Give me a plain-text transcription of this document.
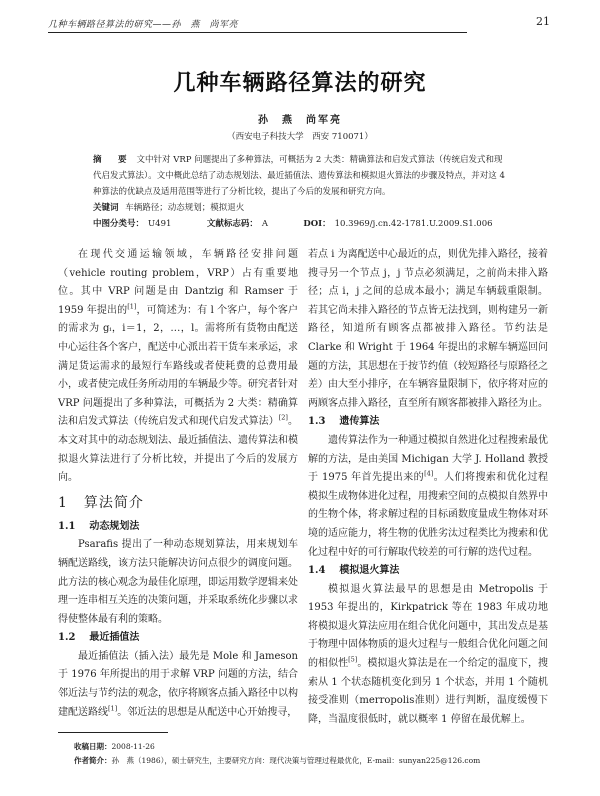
几种车辆路径算法的研究——孙　燕　尚军亮	21
几种车辆路径算法的研究
孙　燕　尚军亮
（西安电子科技大学　西安 710071）
摘　要 文中针对 VRP 问题提出了多种算法，可概括为 2 大类：精确算法和启发式算法（传统启发式和现代启发式算法）。文中概此总结了动态规划法、最近插值法、遗传算法和模拟退火算法的步骤及特点，并对这 4 种算法的优缺点及适用范围等进行了分析比较，提出了今后的发展和研究方向。
关键词 车辆路径；动态规划；模拟退火
中图分类号： U491	文献标志码： A	DOI： 10.3969/j.cn.42-1781.U.2009.S1.006

在现代交通运输领域，车辆路径安排问题（vehicle routing problem，VRP）占有重要地位。其中 VRP 问题是由 Dantzig 和 Ramser 于 1959 年提出的[1]，可简述为：有 l 个客户，每个客户的需求为 gᵢ，i＝1，2，…，l。需将所有货物由配送中心运往各个客户，配送中心派出若干货车来承运，求满足货运需求的最短行车路线或者使耗费的总费用最小，或者使完成任务所动用的车辆最少等。研究者针对 VRP 问题提出了多种算法，可概括为 2 大类：精确算法和启发式算法（传统启发式和现代启发式算法）[2]。本文对其中的动态规划法、最近插值法、遗传算法和模拟退火算法进行了分析比较，并提出了今后的发展方向。

1 算法简介
1.1 动态规划法

Psarafis 提出了一种动态规划算法，用来规划车辆配送路线，该方法只能解决访问点很少的调度问题。此方法的核心观念为最佳化原理，即运用数学逻辑来处理一连串相互关连的决策问题，并采取系统化步骤以求得使整体最有利的策略。

1.2 最近插值法

最近插值法（插入法）最先是 Mole 和 Jameson 于 1976 年所提出的用于求解 VRP 问题的方法，结合邻近法与节约法的观念，依序将顾客点插入路径中以构建配送路线[1]。邻近法的思想是从配送中心开始搜寻，

若点 i 为离配送中心最近的点，则优先排入路径，接着搜寻另一个节点 j，j 节点必须满足，之前尚未排入路径；点 i，j 之间的总成本最小；满足车辆载重限制。若其它尚未排入路径的节点皆无法找到，则构建另一新路径，知道所有顾客点都被排入路径。节约法是 Clarke 和 Wright 于 1964 年提出的求解车辆巡回问题的方法，其思想在于按节约值（较短路径与原路径之差）由大至小排序，在车辆容量限制下，依序将对应的两顾客点排入路径，直至所有顾客都被排入路径为止。

1.3 遗传算法

遗传算法作为一种通过模拟自然进化过程搜索最优解的方法，是由美国 Michigan 大学 J. Holland 教授于 1975 年首先提出来的[4]。人们将搜索和优化过程模拟生成物体进化过程，用搜索空间的点模拟自然界中的生物个体，将求解过程的目标函数度量成生物体对环境的适应能力，将生物的优胜劣汰过程类比为搜索和优化过程中好的可行解取代较差的可行解的迭代过程。

1.4 模拟退火算法

模拟退火算法最早的思想是由 Metropolis 于 1953 年提出的，Kirkpatrick 等在 1983 年成功地将模拟退火算法应用在组合优化问题中，其出发点是基于物理中固体物质的退火过程与一般组合优化问题之间的相似性[5]。模拟退火算法是在一个给定的温度下，搜索从 1 个状态随机变化到另 1 个状态，并用 1 个随机接受准则（merropolis准则）进行判断，温度缓慢下降，当温度很低时，就以概率 1 停留在最优解上。

收稿日期：2008-11-26
作者简介：孙　燕（1986），硕士研究生，主要研究方向：现代决策与管理过程最优化，E-mail：sunyan225@126.com
